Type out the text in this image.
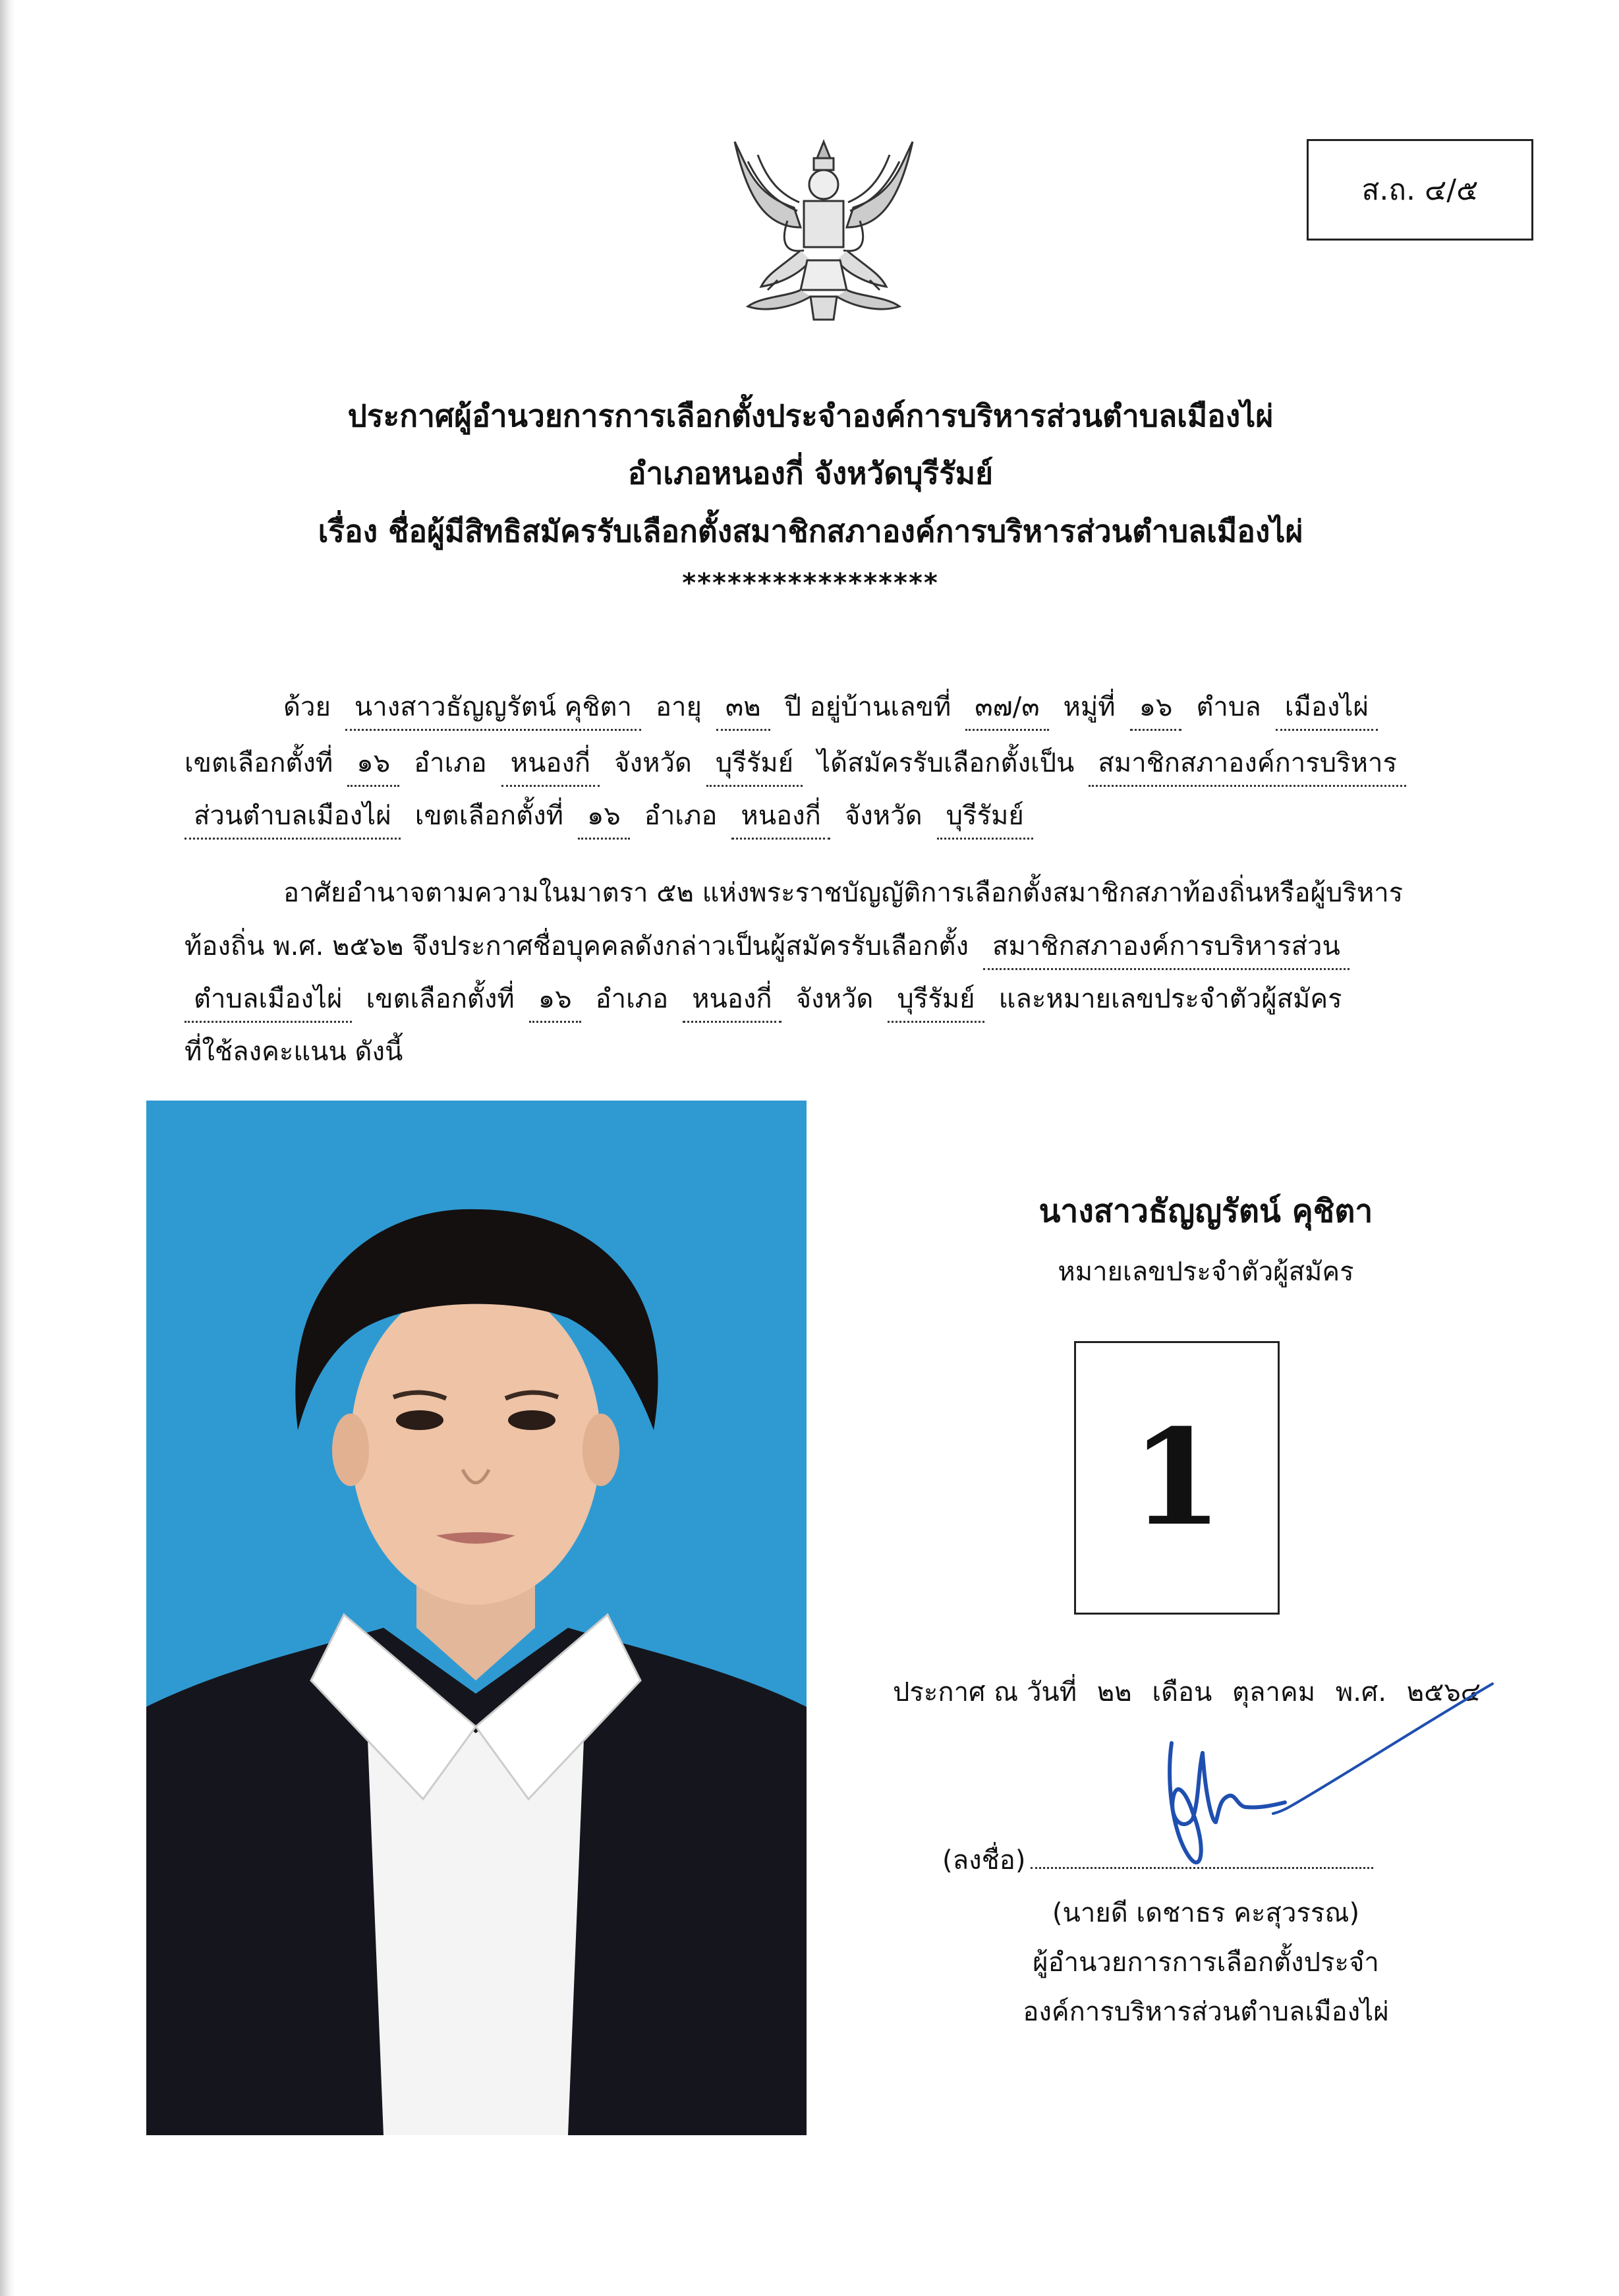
ส.ถ. ๔/๕
ประกาศผู้อำนวยการการเลือกตั้งประจำองค์การบริหารส่วนตำบลเมืองไผ่
อำเภอหนองกี่ จังหวัดบุรีรัมย์
เรื่อง ชื่อผู้มีสิทธิสมัครรับเลือกตั้งสมาชิกสภาองค์การบริหารส่วนตำบลเมืองไผ่
*****************
ด้วย นางสาวธัญญรัตน์ คุชิตา อายุ ๓๒ ปี อยู่บ้านเลขที่ ๓๗/๓ หมู่ที่ ๑๖ ตำบล เมืองไผ่
เขตเลือกตั้งที่ ๑๖ อำเภอ หนองกี่ จังหวัด บุรีรัมย์ ได้สมัครรับเลือกตั้งเป็น สมาชิกสภาองค์การบริหาร
ส่วนตำบลเมืองไผ่ เขตเลือกตั้งที่ ๑๖ อำเภอ หนองกี่ จังหวัด บุรีรัมย์
อาศัยอำนาจตามความในมาตรา ๕๒ แห่งพระราชบัญญัติการเลือกตั้งสมาชิกสภาท้องถิ่นหรือผู้บริหาร
ท้องถิ่น พ.ศ. ๒๕๖๒ จึงประกาศชื่อบุคคลดังกล่าวเป็นผู้สมัครรับเลือกตั้ง สมาชิกสภาองค์การบริหารส่วน
ตำบลเมืองไผ่ เขตเลือกตั้งที่ ๑๖ อำเภอ หนองกี่ จังหวัด บุรีรัมย์ และหมายเลขประจำตัวผู้สมัคร
ที่ใช้ลงคะแนน ดังนี้
นางสาวธัญญรัตน์ คุชิตา
หมายเลขประจำตัวผู้สมัคร
1
ประกาศ ณ วันที่ ๒๒ เดือน ตุลาคม พ.ศ. ๒๕๖๔
(ลงชื่อ)
(นายดี เดชาธร คะสุวรรณ)
ผู้อำนวยการการเลือกตั้งประจำ
องค์การบริหารส่วนตำบลเมืองไผ่
